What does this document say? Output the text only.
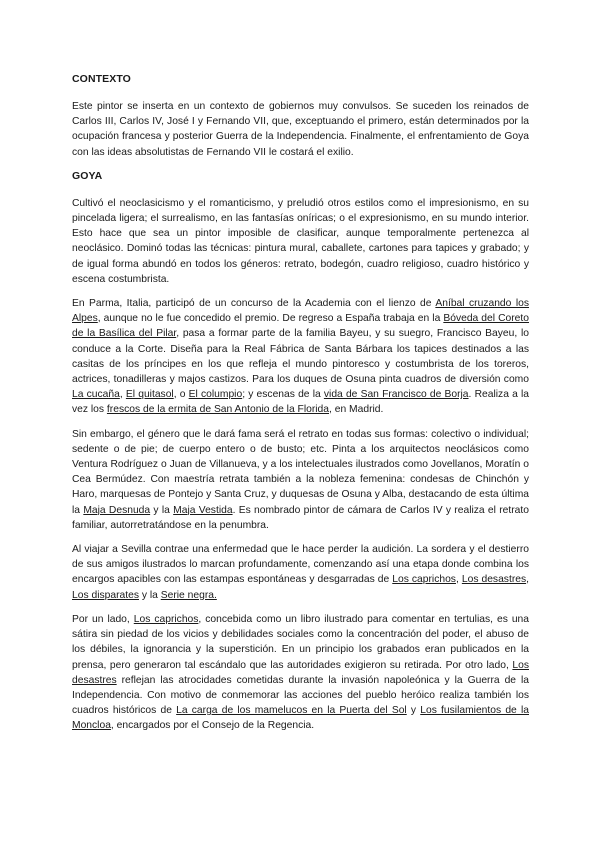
CONTEXTO

Este pintor se inserta en un contexto de gobiernos muy convulsos. Se suceden los reinados de Carlos III, Carlos IV, José I y Fernando VII, que, exceptuando el primero, están determinados por la ocupación francesa y posterior Guerra de la Independencia. Finalmente, el enfrentamiento de Goya con las ideas absolutistas de Fernando VII le costará el exilio.

GOYA

Cultivó el neoclasicismo y el romanticismo, y preludió otros estilos como el impresionismo, en su pincelada ligera; el surrealismo, en las fantasías oníricas; o el expresionismo, en su mundo interior. Esto hace que sea un pintor imposible de clasificar, aunque temporalmente pertenezca al neoclásico. Dominó todas las técnicas: pintura mural, caballete, cartones para tapices y grabado; y de igual forma abundó en todos los géneros: retrato, bodegón, cuadro religioso, cuadro histórico y escena costumbrista.

En Parma, Italia, participó de un concurso de la Academia con el lienzo de Aníbal cruzando los Alpes, aunque no le fue concedido el premio. De regreso a España trabaja en la Bóveda del Coreto de la Basílica del Pilar, pasa a formar parte de la familia Bayeu, y su suegro, Francisco Bayeu, lo conduce a la Corte. Diseña para la Real Fábrica de Santa Bárbara los tapices destinados a las casitas de los príncipes en los que refleja el mundo pintoresco y costumbrista de los toreros, actrices, tonadilleras y majos castizos. Para los duques de Osuna pinta cuadros de diversión como La cucaña, El quitasol, o El columpio; y escenas de la vida de San Francisco de Borja. Realiza a la vez los frescos de la ermita de San Antonio de la Florida, en Madrid.

Sin embargo, el género que le dará fama será el retrato en todas sus formas: colectivo o individual; sedente o de pie; de cuerpo entero o de busto; etc. Pinta a los arquitectos neoclásicos como Ventura Rodríguez o Juan de Villanueva, y a los intelectuales ilustrados como Jovellanos, Moratín o Cea Bermúdez. Con maestría retrata también a la nobleza femenina: condesas de Chinchón y Haro, marquesas de Pontejo y Santa Cruz, y duquesas de Osuna y Alba, destacando de esta última la Maja Desnuda y la Maja Vestida. Es nombrado pintor de cámara de Carlos IV y realiza el retrato familiar, autorretratándose en la penumbra.

Al viajar a Sevilla contrae una enfermedad que le hace perder la audición. La sordera y el destierro de sus amigos ilustrados lo marcan profundamente, comenzando así una etapa donde combina los encargos apacibles con las estampas espontáneas y desgarradas de Los caprichos, Los desastres, Los disparates y la Serie negra.

Por un lado, Los caprichos, concebida como un libro ilustrado para comentar en tertulias, es una sátira sin piedad de los vicios y debilidades sociales como la concentración del poder, el abuso de los débiles, la ignorancia y la superstición. En un principio los grabados eran publicados en la prensa, pero generaron tal escándalo que las autoridades exigieron su retirada. Por otro lado, Los desastres reflejan las atrocidades cometidas durante la invasión napoleónica y la Guerra de la Independencia. Con motivo de conmemorar las acciones del pueblo heróico realiza también los cuadros históricos de La carga de los mamelucos en la Puerta del Sol y Los fusilamientos de la Moncloa, encargados por el Consejo de la Regencia.
